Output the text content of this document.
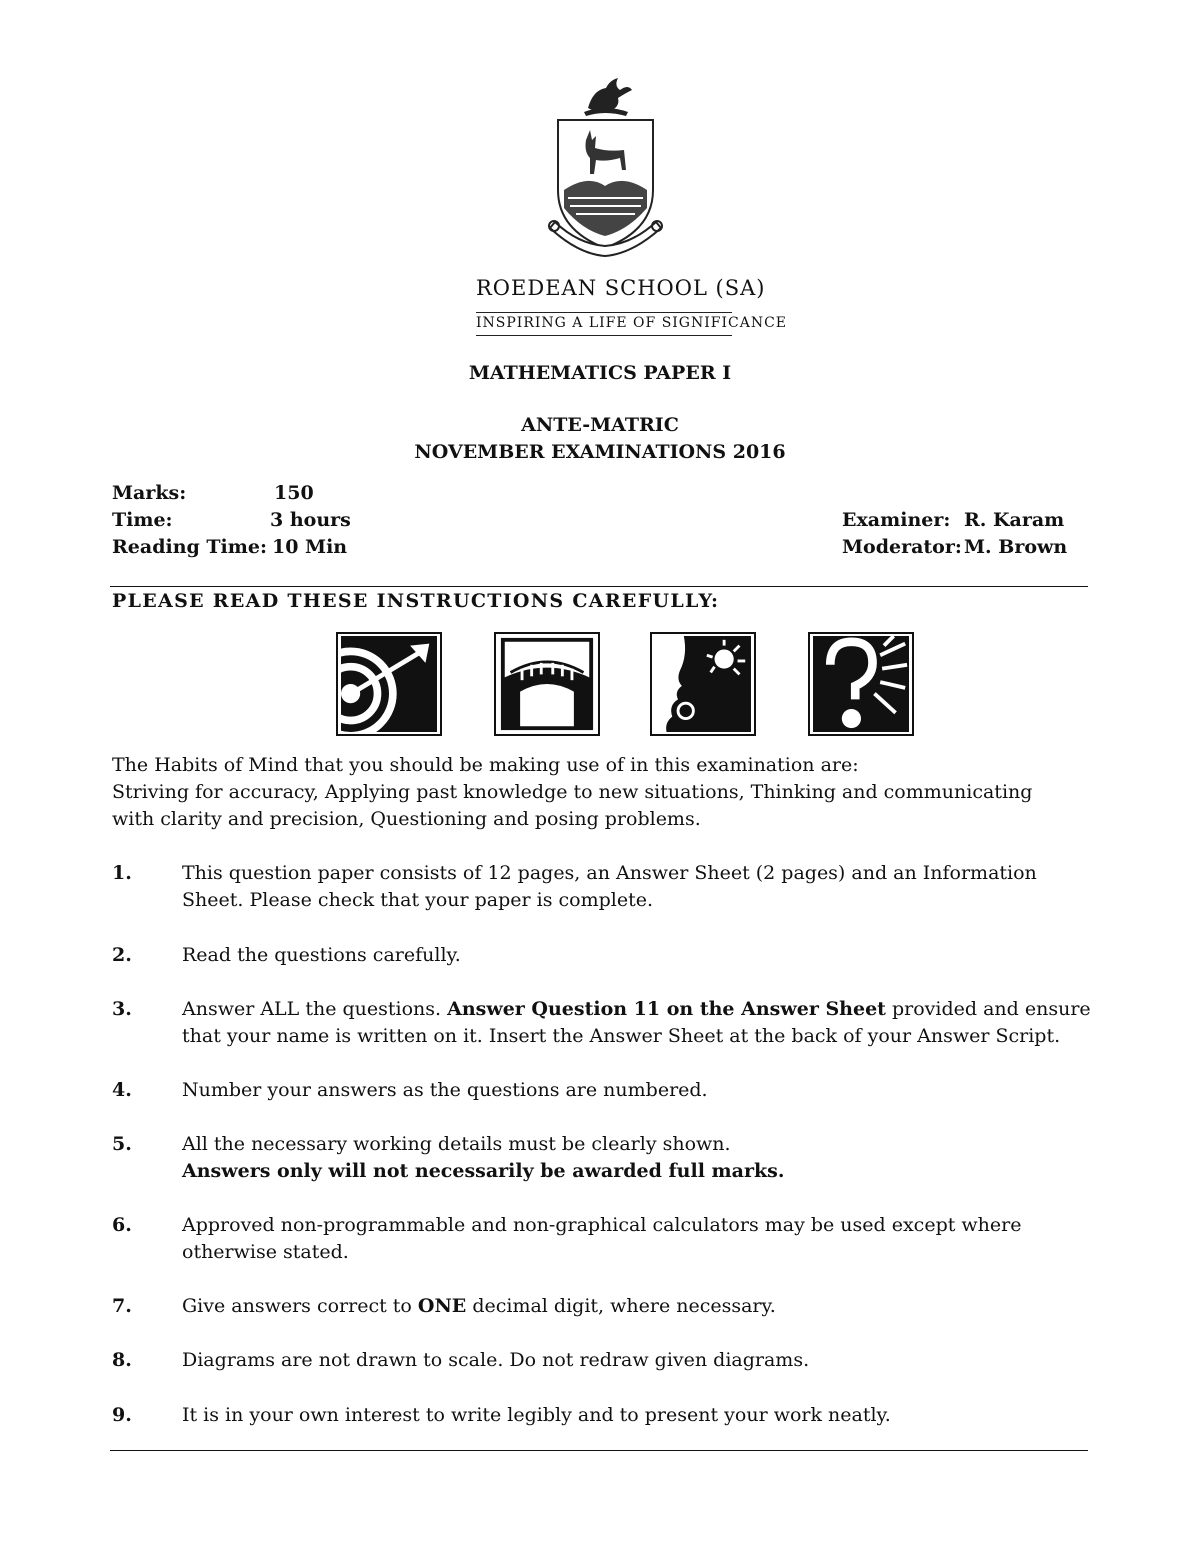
ROEDEAN SCHOOL (SA)
INSPIRING A LIFE OF SIGNIFICANCE
MATHEMATICS PAPER I
ANTE-MATRIC
NOVEMBER EXAMINATIONS 2016
Marks:	150
Time:	3 hours
Reading Time: 10 Min
Examiner: R. Karam
Moderator: M. Brown
PLEASE READ THESE INSTRUCTIONS CAREFULLY:
The Habits of Mind that you should be making use of in this examination are:
Striving for accuracy, Applying past knowledge to new situations, Thinking and communicating
with clarity and precision, Questioning and posing problems.
1.	This question paper consists of 12 pages, an Answer Sheet (2 pages) and an Information
Sheet. Please check that your paper is complete.
2.	Read the questions carefully.
3.	Answer ALL the questions. Answer Question 11 on the Answer Sheet provided and ensure
that your name is written on it. Insert the Answer Sheet at the back of your Answer Script.
4.	Number your answers as the questions are numbered.
5.	All the necessary working details must be clearly shown.
Answers only will not necessarily be awarded full marks.
6.	Approved non-programmable and non-graphical calculators may be used except where
otherwise stated.
7.	Give answers correct to ONE decimal digit, where necessary.
8.	Diagrams are not drawn to scale. Do not redraw given diagrams.
9.	It is in your own interest to write legibly and to present your work neatly.
